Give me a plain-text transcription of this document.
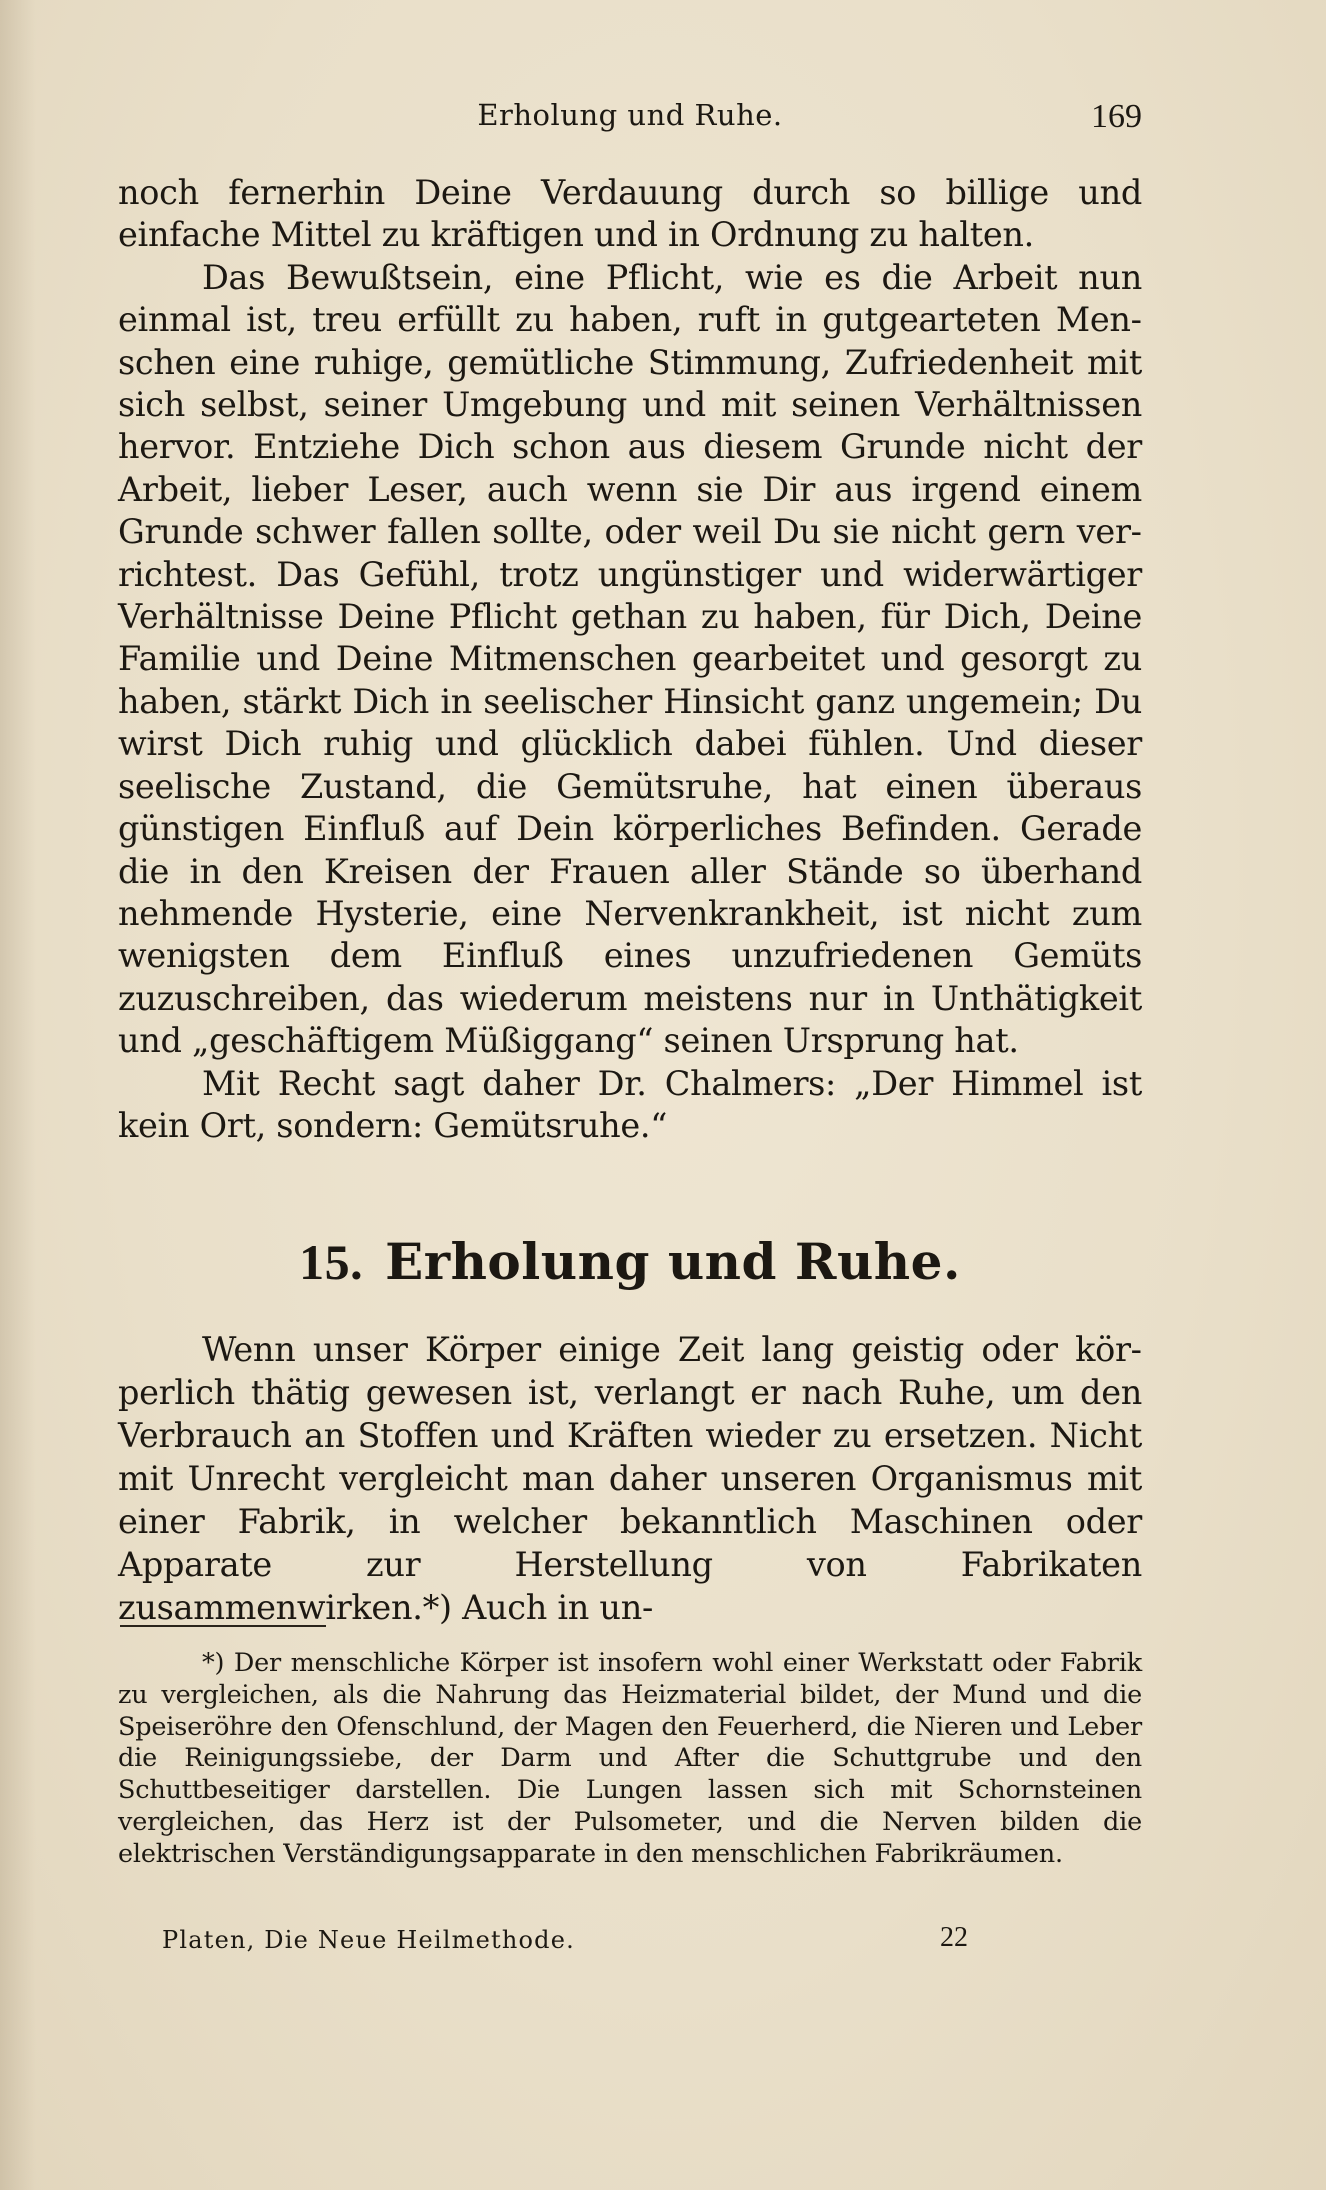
Erholung und Ruhe.	169

noch fernerhin Deine Verdauung durch so billige und einfache Mittel zu kräftigen und in Ordnung zu halten.

Das Bewußtsein, eine Pflicht, wie es die Arbeit nun einmal ist, treu erfüllt zu haben, ruft in gutgearteten Menschen eine ruhige, gemütliche Stimmung, Zufriedenheit mit sich selbst, seiner Umgebung und mit seinen Verhältnissen hervor. Entziehe Dich schon aus diesem Grunde nicht der Arbeit, lieber Leser, auch wenn sie Dir aus irgend einem Grunde schwer fallen sollte, oder weil Du sie nicht gern verrichtest. Das Gefühl, trotz ungünstiger und widerwärtiger Verhältnisse Deine Pflicht gethan zu haben, für Dich, Deine Familie und Deine Mitmenschen gearbeitet und gesorgt zu haben, stärkt Dich in seelischer Hinsicht ganz ungemein; Du wirst Dich ruhig und glücklich dabei fühlen. Und dieser seelische Zustand, die Gemütsruhe, hat einen überaus günstigen Einfluß auf Dein körperliches Befinden. Gerade die in den Kreisen der Frauen aller Stände so überhand nehmende Hysterie, eine Nervenkrankheit, ist nicht zum wenigsten dem Einfluß eines unzufriedenen Gemüts zuzuschreiben, das wiederum meistens nur in Unthätigkeit und „geschäftigem Müßiggang“ seinen Ursprung hat.

Mit Recht sagt daher Dr. Chalmers: „Der Himmel ist kein Ort, sondern: Gemütsruhe.“

15. Erholung und Ruhe.

Wenn unser Körper einige Zeit lang geistig oder körperlich thätig gewesen ist, verlangt er nach Ruhe, um den Verbrauch an Stoffen und Kräften wieder zu ersetzen. Nicht mit Unrecht vergleicht man daher unseren Organismus mit einer Fabrik, in welcher bekanntlich Maschinen oder Apparate zur Herstellung von Fabrikaten zusammenwirken.*) Auch in un-

*) Der menschliche Körper ist insofern wohl einer Werkstatt oder Fabrik zu vergleichen, als die Nahrung das Heizmaterial bildet, der Mund und die Speiseröhre den Ofenschlund, der Magen den Feuerherd, die Nieren und Leber die Reinigungssiebe, der Darm und After die Schuttgrube und den Schuttbeseitiger darstellen. Die Lungen lassen sich mit Schornsteinen vergleichen, das Herz ist der Pulsometer, und die Nerven bilden die elektrischen Verständigungsapparate in den menschlichen Fabrikräumen.

Platen, Die Neue Heilmethode.	22
